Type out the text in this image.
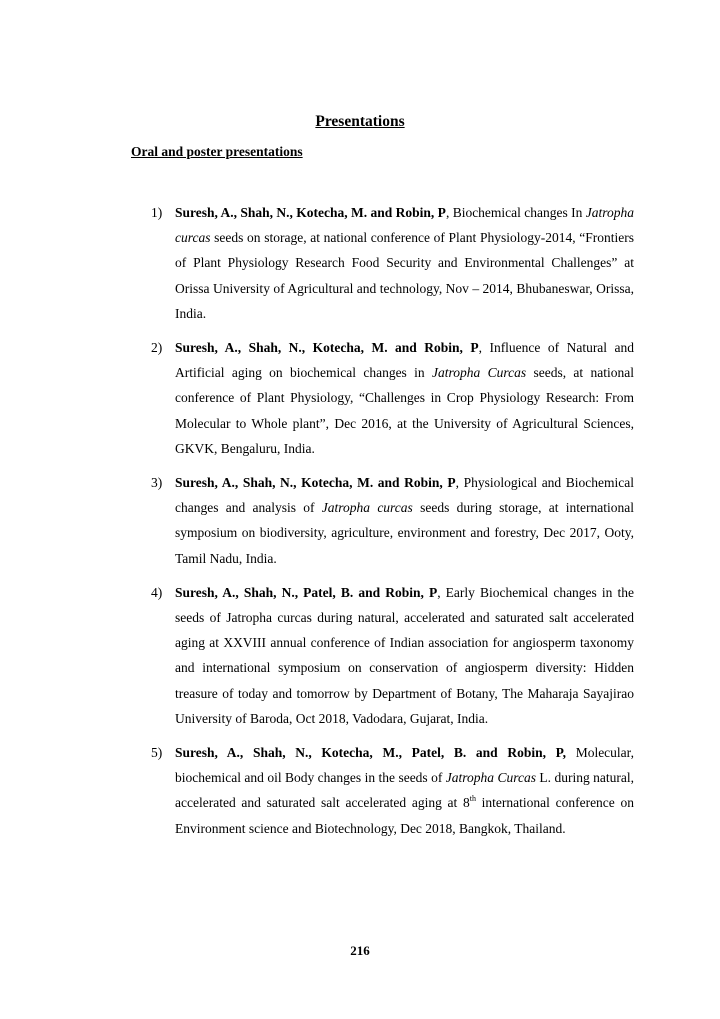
Presentations
Oral and poster presentations
1) Suresh, A., Shah, N., Kotecha, M. and Robin, P, Biochemical changes In Jatropha curcas seeds on storage, at national conference of Plant Physiology-2014, “Frontiers of Plant Physiology Research Food Security and Environmental Challenges” at Orissa University of Agricultural and technology, Nov – 2014, Bhubaneswar, Orissa, India.
2) Suresh, A., Shah, N., Kotecha, M. and Robin, P, Influence of Natural and Artificial aging on biochemical changes in Jatropha Curcas seeds, at national conference of Plant Physiology, “Challenges in Crop Physiology Research: From Molecular to Whole plant”, Dec 2016, at the University of Agricultural Sciences, GKVK, Bengaluru, India.
3) Suresh, A., Shah, N., Kotecha, M. and Robin, P, Physiological and Biochemical changes and analysis of Jatropha curcas seeds during storage, at international symposium on biodiversity, agriculture, environment and forestry, Dec 2017, Ooty, Tamil Nadu, India.
4) Suresh, A., Shah, N., Patel, B. and Robin, P, Early Biochemical changes in the seeds of Jatropha curcas during natural, accelerated and saturated salt accelerated aging at XXVIII annual conference of Indian association for angiosperm taxonomy and international symposium on conservation of angiosperm diversity: Hidden treasure of today and tomorrow by Department of Botany, The Maharaja Sayajirao University of Baroda, Oct 2018, Vadodara, Gujarat, India.
5) Suresh, A., Shah, N., Kotecha, M., Patel, B. and Robin, P, Molecular, biochemical and oil Body changes in the seeds of Jatropha Curcas L. during natural, accelerated and saturated salt accelerated aging at 8th international conference on Environment science and Biotechnology, Dec 2018, Bangkok, Thailand.
216
